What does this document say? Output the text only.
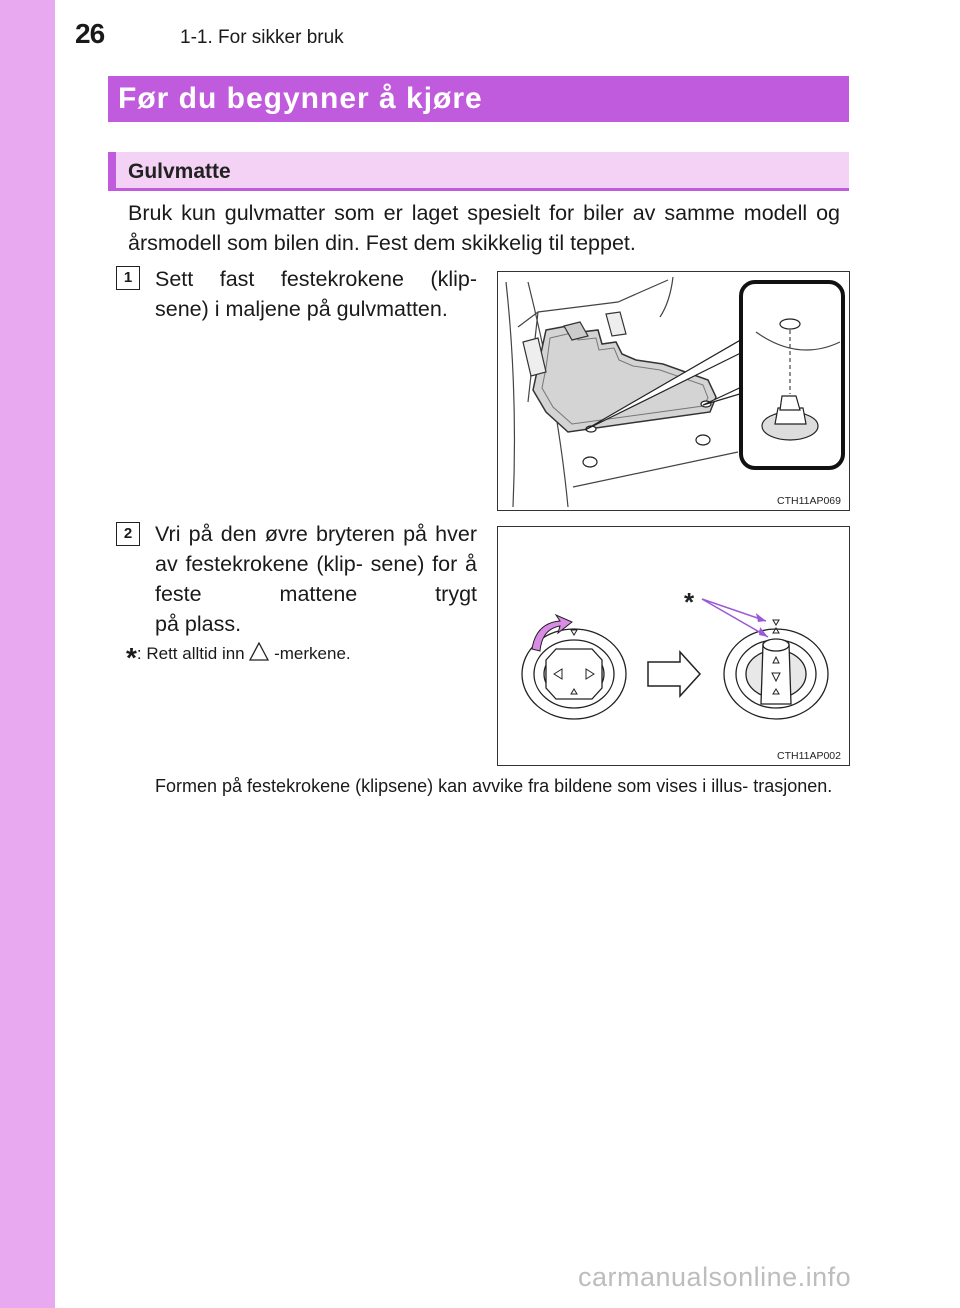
26	1-1. For sikker bruk
Før du begynner å kjøre
Gulvmatte

Bruk kun gulvmatter som er laget spesielt for biler av samme modell og årsmodell som bilen din. Fest dem skikkelig til teppet.

1	Sett fast festekrokene (klip-
sene) i maljene på gulvmatten.
CTH11AP069
2	Vri på den øvre bryteren på hver av festekrokene (klip- sene) for å feste mattene trygt
på plass.
*: Rett alltid inn -merkene.
*
CTH11AP002
Formen på festekrokene (klipsene) kan avvike fra bildene som vises i illus- trasjonen.
carmanualsonline.info
